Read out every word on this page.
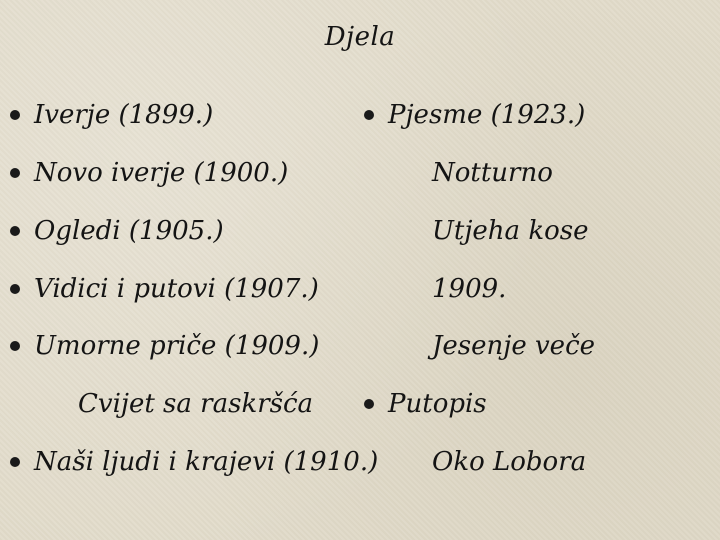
Djela
Iverje (1899.)
Novo iverje (1900.)
Ogledi (1905.)
Vidici i putovi (1907.)
Umorne priče (1909.)
Cvijet sa raskršća
Naši ljudi i krajevi (1910.)
Pjesme (1923.)
Notturno
Utjeha kose
1909.
Jesenje veče
Putopis
Oko Lobora
